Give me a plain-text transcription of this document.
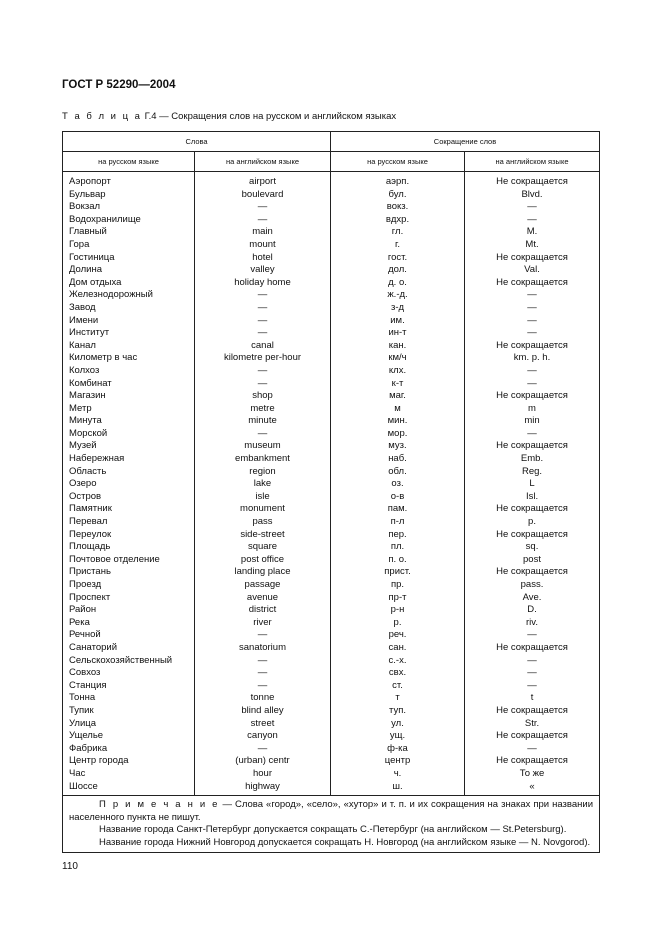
ГОСТ Р 52290—2004
Т а б л и ц а Г.4 — Сокращения слов на русском и английском языках
Слова		Сокращение слов	
на русском языке	на английском языке	на русском языке	на английском языке
Аэропорт	airport	аэрп.	Не сокращается
Бульвар	boulevard	бул.	Blvd.
Вокзал	—	вокз.	—
Водохранилище	—	вдхр.	—
Главный	main	гл.	M.
Гора	mount	г.	Mt.
Гостиница	hotel	гост.	Не сокращается
Долина	valley	дол.	Val.
Дом отдыха	holiday home	д. о.	Не сокращается
Железнодорожный	—	ж.-д.	—
Завод	—	з-д	—
Имени	—	им.	—
Институт	—	ин-т	—
Канал	canal	кан.	Не сокращается
Километр в час	kilometre per-hour	км/ч	km. p. h.
Колхоз	—	клх.	—
Комбинат	—	к-т	—
Магазин	shop	маг.	Не сокращается
Метр	metre	м	m
Минута	minute	мин.	min
Морской	—	мор.	—
Музей	museum	муз.	Не сокращается
Набережная	embankment	наб.	Emb.
Область	region	обл.	Reg.
Озеро	lake	оз.	L
Остров	isle	о-в	Isl.
Памятник	monument	пам.	Не сокращается
Перевал	pass	п-л	p.
Переулок	side-street	пер.	Не сокращается
Площадь	square	пл.	sq.
Почтовое отделение	post office	п. о.	post
Пристань	landing place	прист.	Не сокращается
Проезд	passage	пр.	pass.
Проспект	avenue	пр-т	Ave.
Район	district	р-н	D.
Река	river	р.	riv.
Речной	—	реч.	—
Санаторий	sanatorium	сан.	Не сокращается
Сельскохозяйственный	—	с.-х.	—
Совхоз	—	свх.	—
Станция	—	ст.	—
Тонна	tonne	т	t
Тупик	blind alley	туп.	Не сокращается
Улица	street	ул.	Str.
Ущелье	canyon	ущ.	Не сокращается
Фабрика	—	ф-ка	—
Центр города	(urban) centr	центр	Не сокращается
Час	hour	ч.	То же
Шоссе	highway	ш.	«

П р и м е ч а н и е — Слова «город», «село», «хутор» и т. п. и их сокращения на знаках при названии населенного пункта не пишут.

Название города Санкт-Петербург допускается сокращать С.-Петербург (на английском — St.Petersburg).

Название города Нижний Новгород допускается сокращать Н. Новгород (на английском языке — N. Novgorod).			

110
